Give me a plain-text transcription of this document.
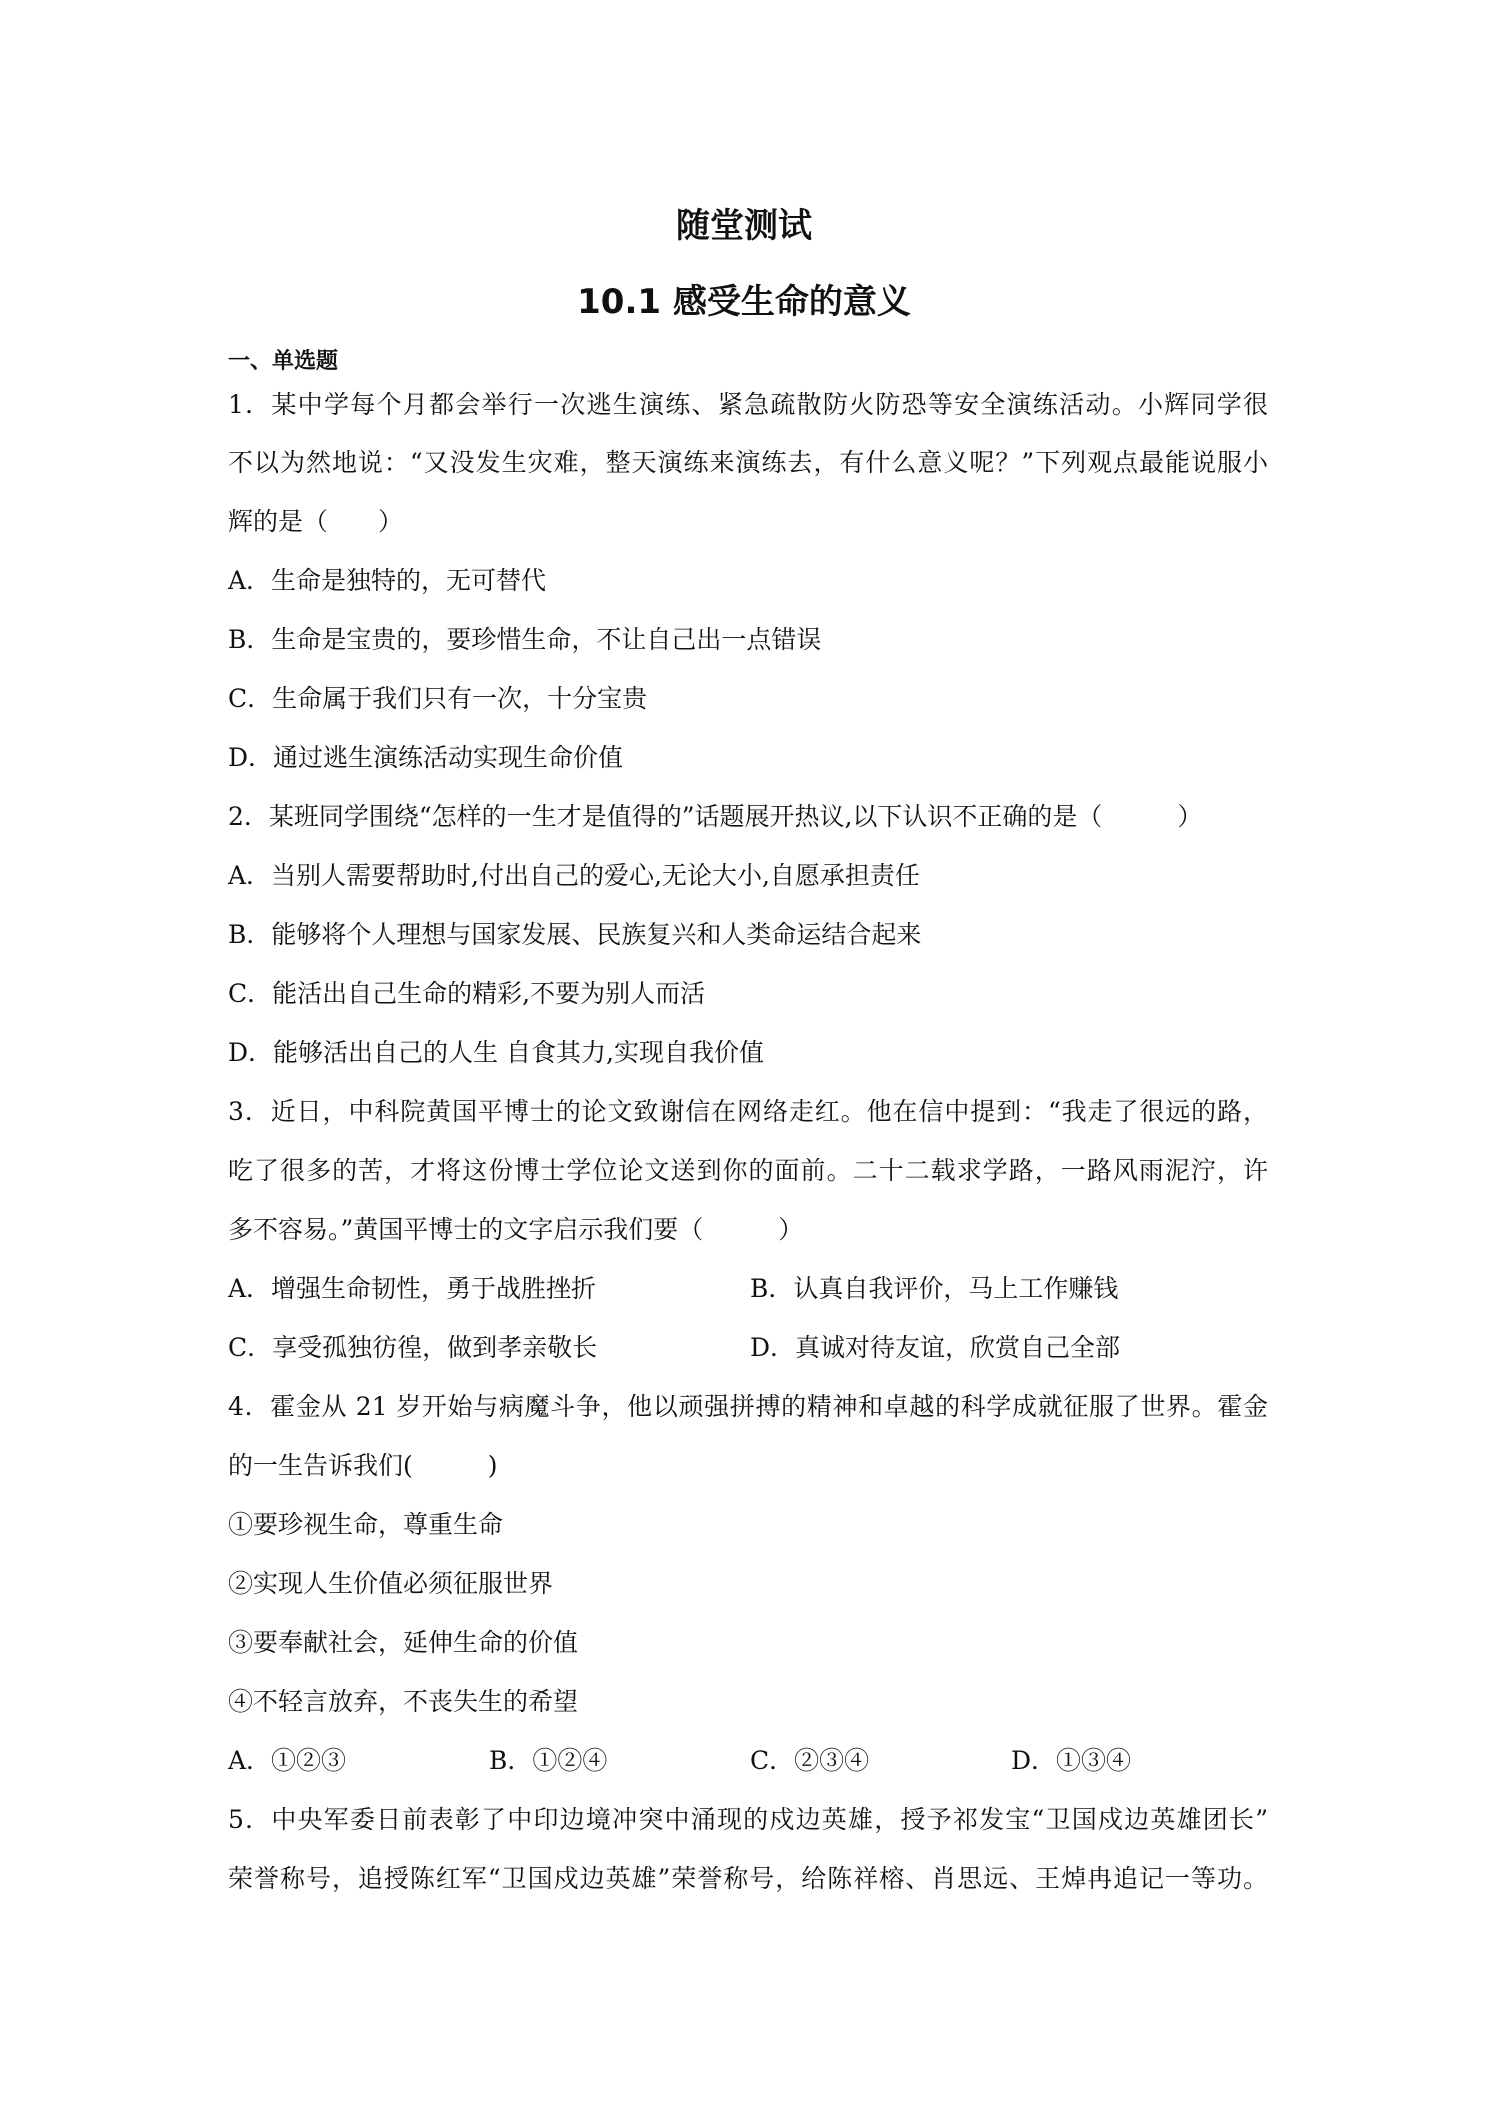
随堂测试
10.1 感受生命的意义
一、单选题
1．某中学每个月都会举行一次逃生演练、紧急疏散防火防恐等安全演练活动。小辉同学很
不以为然地说：“又没发生灾难，整天演练来演练去，有什么意义呢？”下列观点最能说服小
辉的是（　　）
A．生命是独特的，无可替代
B．生命是宝贵的，要珍惜生命，不让自己出一点错误
C．生命属于我们只有一次，十分宝贵
D．通过逃生演练活动实现生命价值
2．某班同学围绕“怎样的一生才是值得的”话题展开热议,以下认识不正确的是（　　　）
A．当别人需要帮助时,付出自己的爱心,无论大小,自愿承担责任
B．能够将个人理想与国家发展、民族复兴和人类命运结合起来
C．能活出自己生命的精彩,不要为别人而活
D．能够活出自己的人生 自食其力,实现自我价值
3．近日，中科院黄国平博士的论文致谢信在网络走红。他在信中提到：“我走了很远的路，
吃了很多的苦，才将这份博士学位论文送到你的面前。二十二载求学路，一路风雨泥泞，许
多不容易。”黄国平博士的文字启示我们要（　　　）
A．增强生命韧性，勇于战胜挫折	B．认真自我评价，马上工作赚钱
C．享受孤独彷徨，做到孝亲敬长	D．真诚对待友谊，欣赏自己全部
4．霍金从 21 岁开始与病魔斗争，他以顽强拼搏的精神和卓越的科学成就征服了世界。霍金
的一生告诉我们(　　　)
①要珍视生命，尊重生命
②实现人生价值必须征服世界
③要奉献社会，延伸生命的价值
④不轻言放弃，不丧失生的希望
A．①②③	B．①②④	C．②③④	D．①③④
5．中央军委日前表彰了中印边境冲突中涌现的戍边英雄，授予祁发宝“卫国戍边英雄团长”
荣誉称号，追授陈红军“卫国戍边英雄”荣誉称号，给陈祥榕、肖思远、王焯冉追记一等功。
